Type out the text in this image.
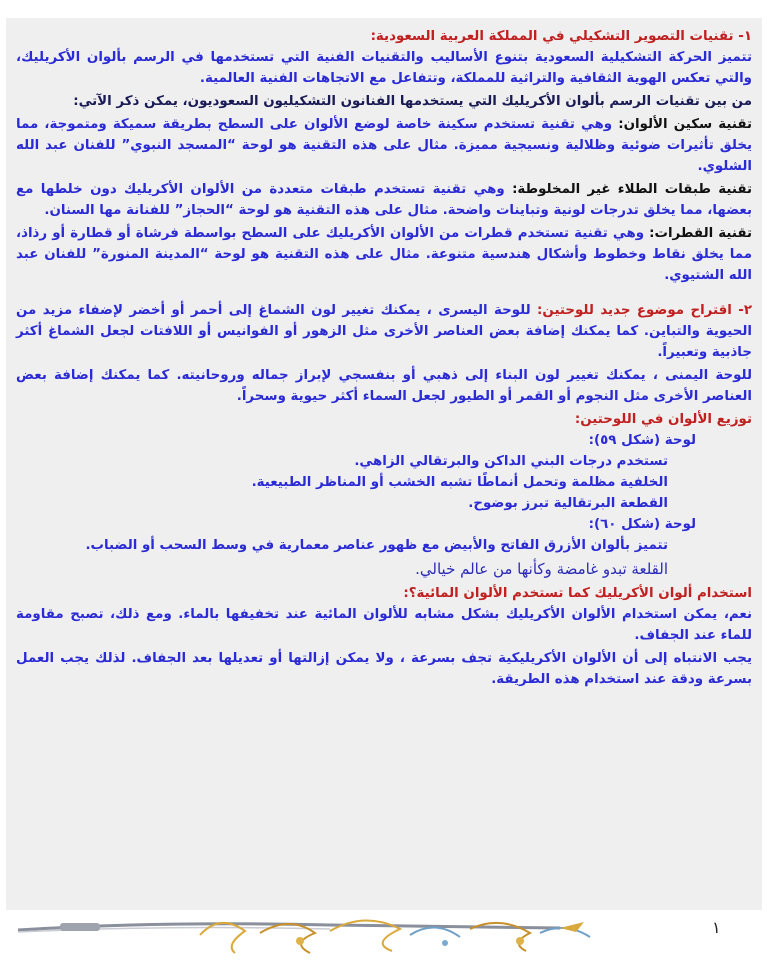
١- تقنيات التصوير التشكيلي في المملكة العربية السعودية:

تتميز الحركة التشكيلية السعودية بتنوع الأساليب والتقنيات الفنية التي تستخدمها في الرسم بألوان الأكريليك، والتي تعكس الهوية الثقافية والتراثية للمملكة، وتتفاعل مع الاتجاهات الفنية العالمية.

من بين تقنيات الرسم بألوان الأكريليك التي يستخدمها الفنانون التشكيليون السعوديون، يمكن ذكر الآتي:

تقنية سكين الألوان: وهي تقنية تستخدم سكينة خاصة لوضع الألوان على السطح بطريقة سميكة ومتموجة، مما يخلق تأثيرات ضوئية وظلالية ونسيجية مميزة. مثال على هذه التقنية هو لوحة “المسجد النبوي” للفنان عبد الله الشلوي.

تقنية طبقات الطلاء غير المخلوطة: وهي تقنية تستخدم طبقات متعددة من الألوان الأكريليك دون خلطها مع بعضها، مما يخلق تدرجات لونية وتباينات واضحة. مثال على هذه التقنية هو لوحة “الحجاز” للفنانة مها السنان.

تقنية القطرات: وهي تقنية تستخدم قطرات من الألوان الأكريليك على السطح بواسطة فرشاة أو قطارة أو رذاذ، مما يخلق نقاط وخطوط وأشكال هندسية متنوعة. مثال على هذه التقنية هو لوحة “المدينة المنورة” للفنان عبد الله الشتيوي.

٢- اقتراح موضوع جديد للوحتين: للوحة اليسرى ، يمكنك تغيير لون الشماغ إلى أحمر أو أخضر لإضفاء مزيد من الحيوية والتباين. كما يمكنك إضافة بعض العناصر الأخرى مثل الزهور أو الفوانيس أو اللافتات لجعل الشماغ أكثر جاذبية وتعبيراً.

للوحة اليمنى ، يمكنك تغيير لون البناء إلى ذهبي أو بنفسجي لإبراز جماله وروحانيته. كما يمكنك إضافة بعض العناصر الأخرى مثل النجوم أو القمر أو الطيور لجعل السماء أكثر حيوية وسحراً.

توزيع الألوان في اللوحتين:

لوحة (شكل ٥٩):

تستخدم درجات البني الداكن والبرتقالي الزاهي.

الخلفية مظلمة وتحمل أنماطًا تشبه الخشب أو المناظر الطبيعية.

القطعة البرتقالية تبرز بوضوح.

لوحة (شكل ٦٠):

تتميز بألوان الأزرق الفاتح والأبيض مع ظهور عناصر معمارية في وسط السحب أو الضباب.

القلعة تبدو غامضة وكأنها من عالم خيالي.

استخدام ألوان الأكريليك كما تستخدم الألوان المائية؟:

نعم، يمكن استخدام الألوان الأكريليك بشكل مشابه للألوان المائية عند تخفيفها بالماء. ومع ذلك، تصبح مقاومة للماء عند الجفاف.

يجب الانتباه إلى أن الألوان الأكريليكية تجف بسرعة ، ولا يمكن إزالتها أو تعديلها بعد الجفاف. لذلك يجب العمل بسرعة ودقة عند استخدام هذه الطريقة.

١
